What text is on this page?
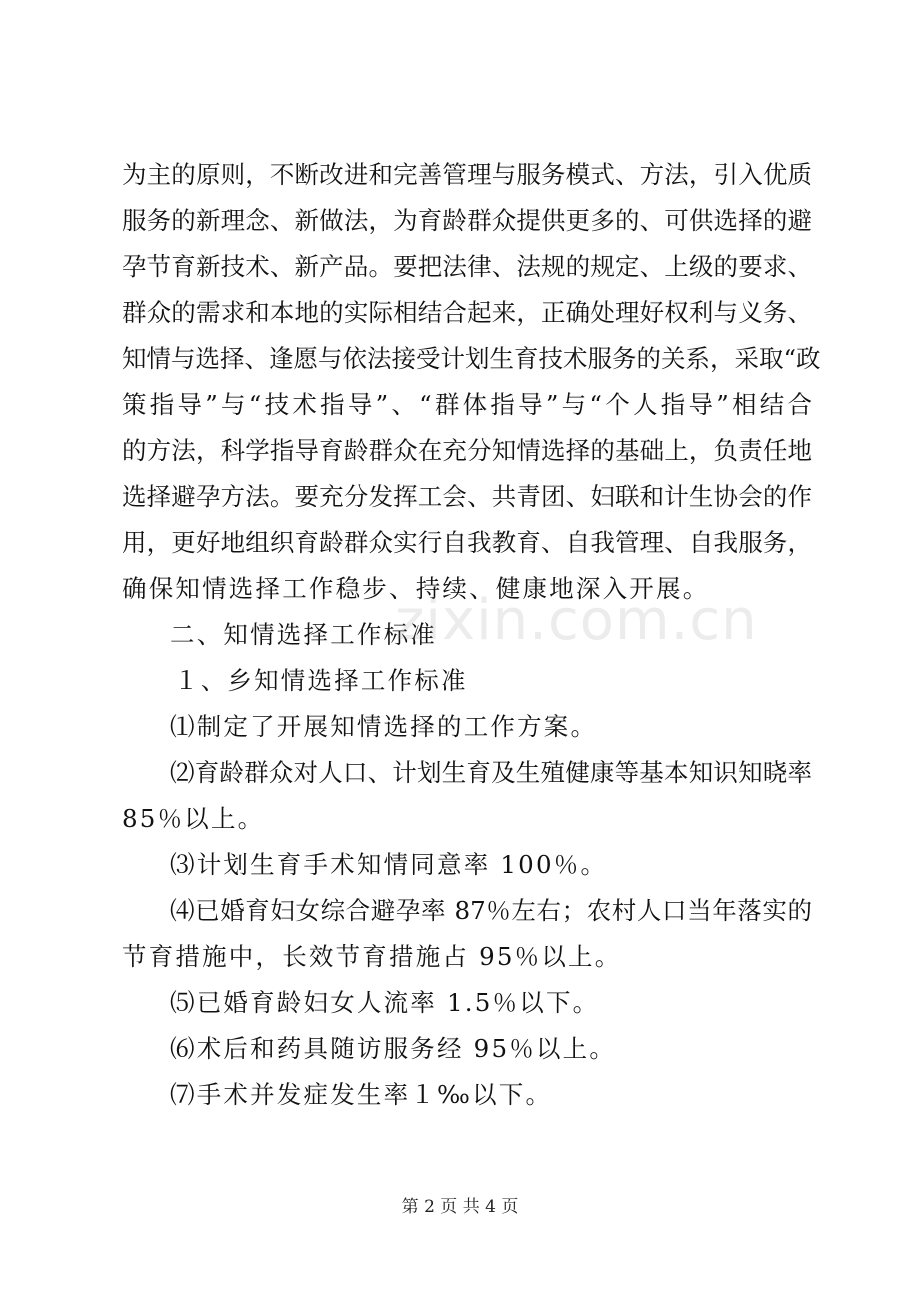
为主的原则，不断改进和完善管理与服务模式、方法，引入优质
服务的新理念、新做法，为育龄群众提供更多的、可供选择的避
孕节育新技术、新产品。要把法律、法规的规定、上级的要求、
群众的需求和本地的实际相结合起来，正确处理好权利与义务、
知情与选择、逢愿与依法接受计划生育技术服务的关系，采取“政
策指导”与“技术指导”、“群体指导”与“个人指导”相结合
的方法，科学指导育龄群众在充分知情选择的基础上，负责任地
选择避孕方法。要充分发挥工会、共青团、妇联和计生协会的作
用，更好地组织育龄群众实行自我教育、自我管理、自我服务，
确保知情选择工作稳步、持续、健康地深入开展。
二、知情选择工作标准
１、乡知情选择工作标准
⑴制定了开展知情选择的工作方案。
⑵育龄群众对人口、计划生育及生殖健康等基本知识知晓率
85％以上。
⑶计划生育手术知情同意率 100％。
⑷已婚育妇女综合避孕率 87％左右；农村人口当年落实的
节育措施中，长效节育措施占 95％以上。
⑸已婚育龄妇女人流率 1.5％以下。
⑹术后和药具随访服务经 95％以上。
⑺手术并发症发生率１‰以下。
zixin.com.cn
第 2 页 共 4 页
